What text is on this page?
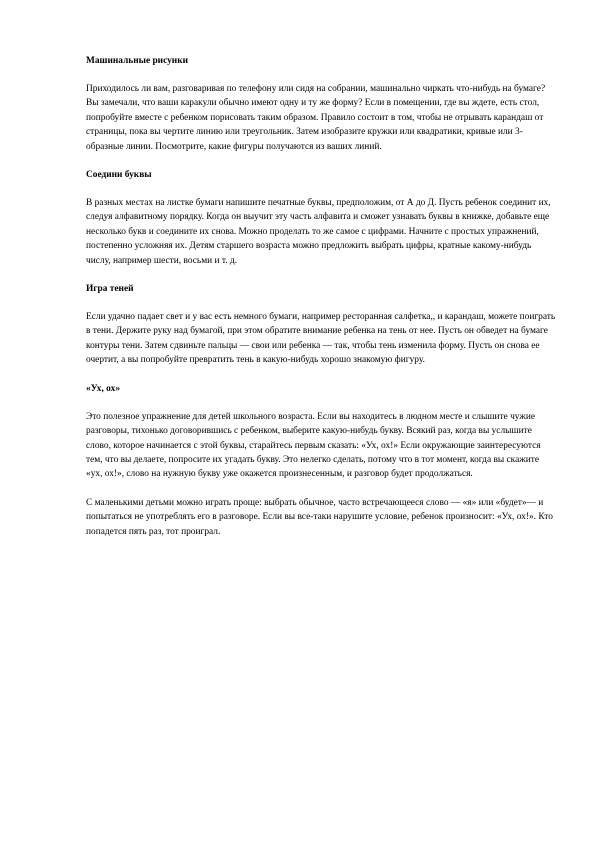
Машинальные рисунки

Приходилось ли вам, разговаривая по телефону или сидя на собрании, машинально чиркать что-нибудь на бумаге? Вы замечали, что ваши каракули обычно имеют одну и ту же форму? Если в помещении, где вы ждете, есть стол, попробуйте вместе с ребенком порисовать таким образом. Правило состоит в том, чтобы не отрывать карандаш от страницы, пока вы чертите линию или треугольник. Затем изобразите кружки или квадратики, кривые или 3-образные линии. Посмотрите, какие фигуры получаются из ваших линий.

Соедини буквы

В разных местах на листке бумаги напишите печатные буквы, предположим, от А до Д. Пусть ребенок соединит их, следуя алфавитному порядку. Когда он выучит эту часть алфавита и сможет узнавать буквы в книжке, добавьте еще несколько букв и соедините их снова. Можно проделать то же самое с цифрами. Начните с простых упражнений, постепенно усложняя их. Детям старшего возраста можно предложить выбрать цифры, кратные какому-нибудь числу, например шести, восьми и т. д.

Игра теней

Если удачно падает свет и у вас есть немного бумаги, например ресторанная салфетка,, и карандаш, можете поиграть в тени. Держите руку над бумагой, при этом обратите внимание ребенка на тень от нее. Пусть он обведет на бумаге контуры тени. Затем сдвиньте пальцы — свои или ребенка — так, чтобы тень изменила форму. Пусть он снова ее очертит, а вы попробуйте превратить тень в какую-нибудь хорошо знакомую фигуру.

«Ух, ох»

Это полезное упражнение для детей школьного возраста. Если вы находитесь в людном месте и слышите чужие разговоры, тихонько договорившись с ребенком, выберите какую-нибудь букву. Всякий раз, когда вы услышите слово, которое начинается с этой буквы, старайтесь первым сказать: «Ух, ох!» Если окружающие заинтересуются тем, что вы делаете, попросите их угадать букву. Это нелегко сделать, потому что в тот момент, когда вы скажите «ух, ох!», слово на нужную букву уже окажется произнесенным, и разговор будет продолжаться.

С маленькими детьми можно играть проще: выбрать обычное, часто встречающееся слово — «я» или «будет»— и попытаться не употреблять его в разговоре. Если вы все-таки нарушите условие, ребенок произносит: «Ух, ох!». Кто попадется пять раз, тот проиграл.
